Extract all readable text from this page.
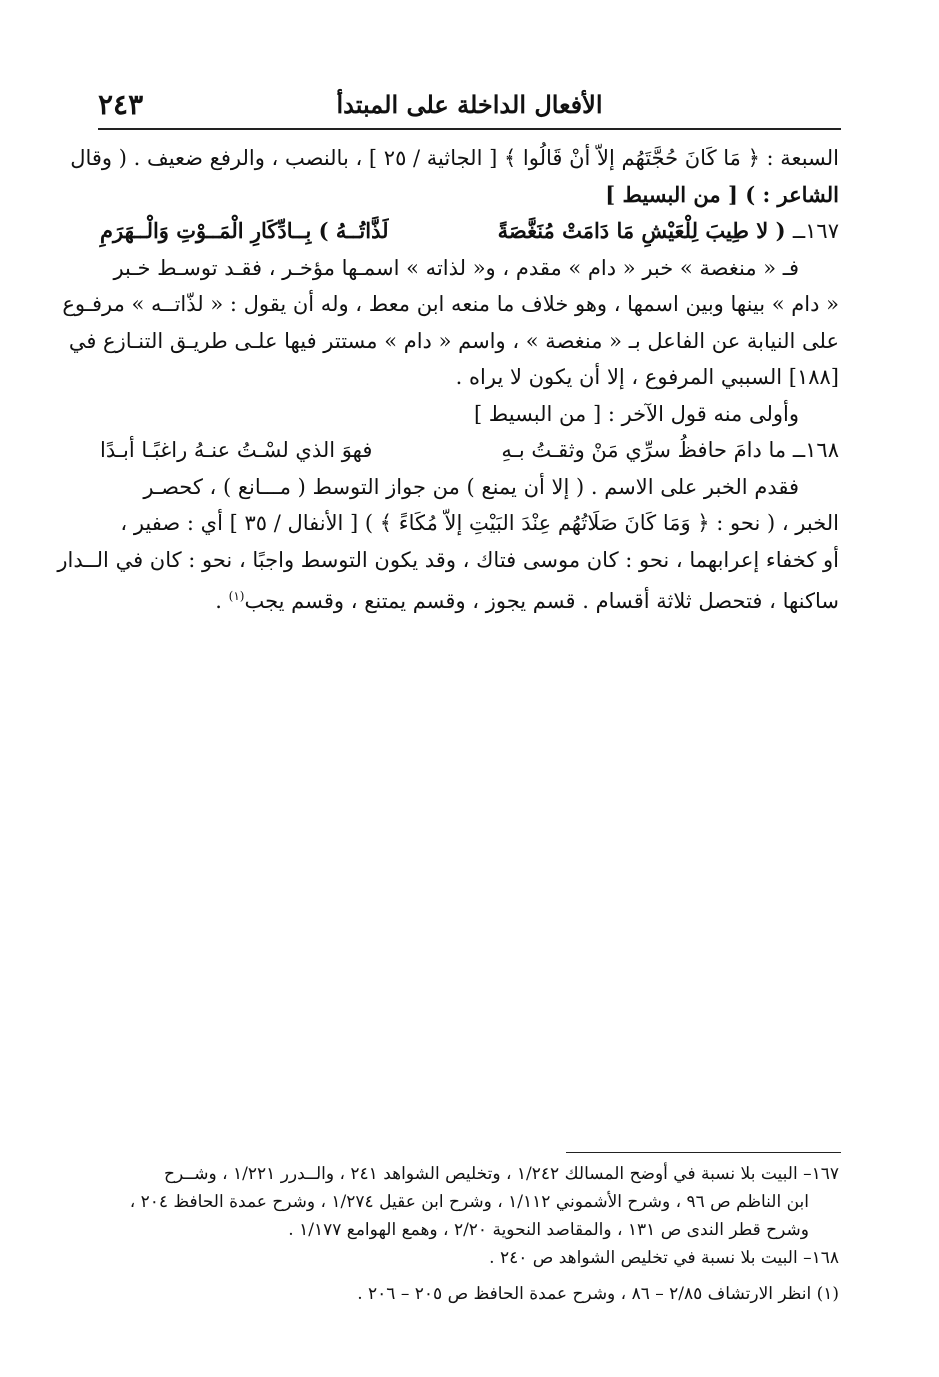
الأفعال الداخلة على المبتدأ
٢٤٣
السبعة : ﴿ مَا كَانَ حُجَّتَهُم إلاّ أنْ قَالُوا ﴾ [ الجاثية / ٢٥ ] ، بالنصب ، والرفع ضعيف . ( وقال
الشاعر : ) [ من البسيط ]
١٦٧ــ ( لا طِيبَ لِلْعَيْشِ مَا دَامَتْ مُنَغَّصَةً
لَذَّاتُــهُ ) بِــادِّكَارِ الْمَــوْتِ وَالْــهَرَمِ
فـ « منغصة » خبر « دام » مقدم ، و« لذاته » اسمـها مؤخـر ، فقـد توسـط خـبر
« دام » بينها وبين اسمها ، وهو خلاف ما منعه ابن معط ، وله أن يقول : « لذّاتــه » مرفـوع
على النيابة عن الفاعل بـ « منغصة » ، واسم « دام » مستتر فيها علـى طريـق التنـازع في
[١٨٨] السببي المرفوع ، إلا أن يكون لا يراه .
وأولى منه قول الآخر : [ من البسيط ]
١٦٨ــ ما دامَ حافظُ سرِّي مَنْ وثقـتُ بـهِ
فهوَ الذي لسْـتُ عنـهُ راغبًـا أبـدًا
فقدم الخبر على الاسم . ( إلا أن يمنع ) من جواز التوسط ( مـــانع ) ، كحصـر
الخبر ، ( نحو : ﴿ وَمَا كَانَ صَلَاتُهُم عِنْدَ البَيْتِ إلاّ مُكَاءً ﴾ ) [ الأنفال / ٣٥ ] أي : صفير ،
أو كخفاء إعرابهما ، نحو : كان موسى فتاك ، وقد يكون التوسط واجبًا ، نحو : كان في الــدار
ساكنها ، فتحصل ثلاثة أقسام . قسم يجوز ، وقسم يمتنع ، وقسم يجب$^{(١)}$ .
١٦٧– البيت بلا نسبة في أوضح المسالك ١/٢٤٢ ، وتخليص الشواهد ٢٤١ ، والــدرر ١/٢٢١ ، وشــرح
ابن الناظم ص ٩٦ ، وشرح الأشموني ١/١١٢ ، وشرح ابن عقيل ١/٢٧٤ ، وشرح عمدة الحافظ ٢٠٤ ،
وشرح قطر الندى ص ١٣١ ، والمقاصد النحوية ٢/٢٠ ، وهمع الهوامع ١/١٧٧ .
١٦٨– البيت بلا نسبة في تخليص الشواهد ص ٢٤٠ .
(١) انظر الارتشاف ٢/٨٥ – ٨٦ ، وشرح عمدة الحافظ ص ٢٠٥ – ٢٠٦ .
